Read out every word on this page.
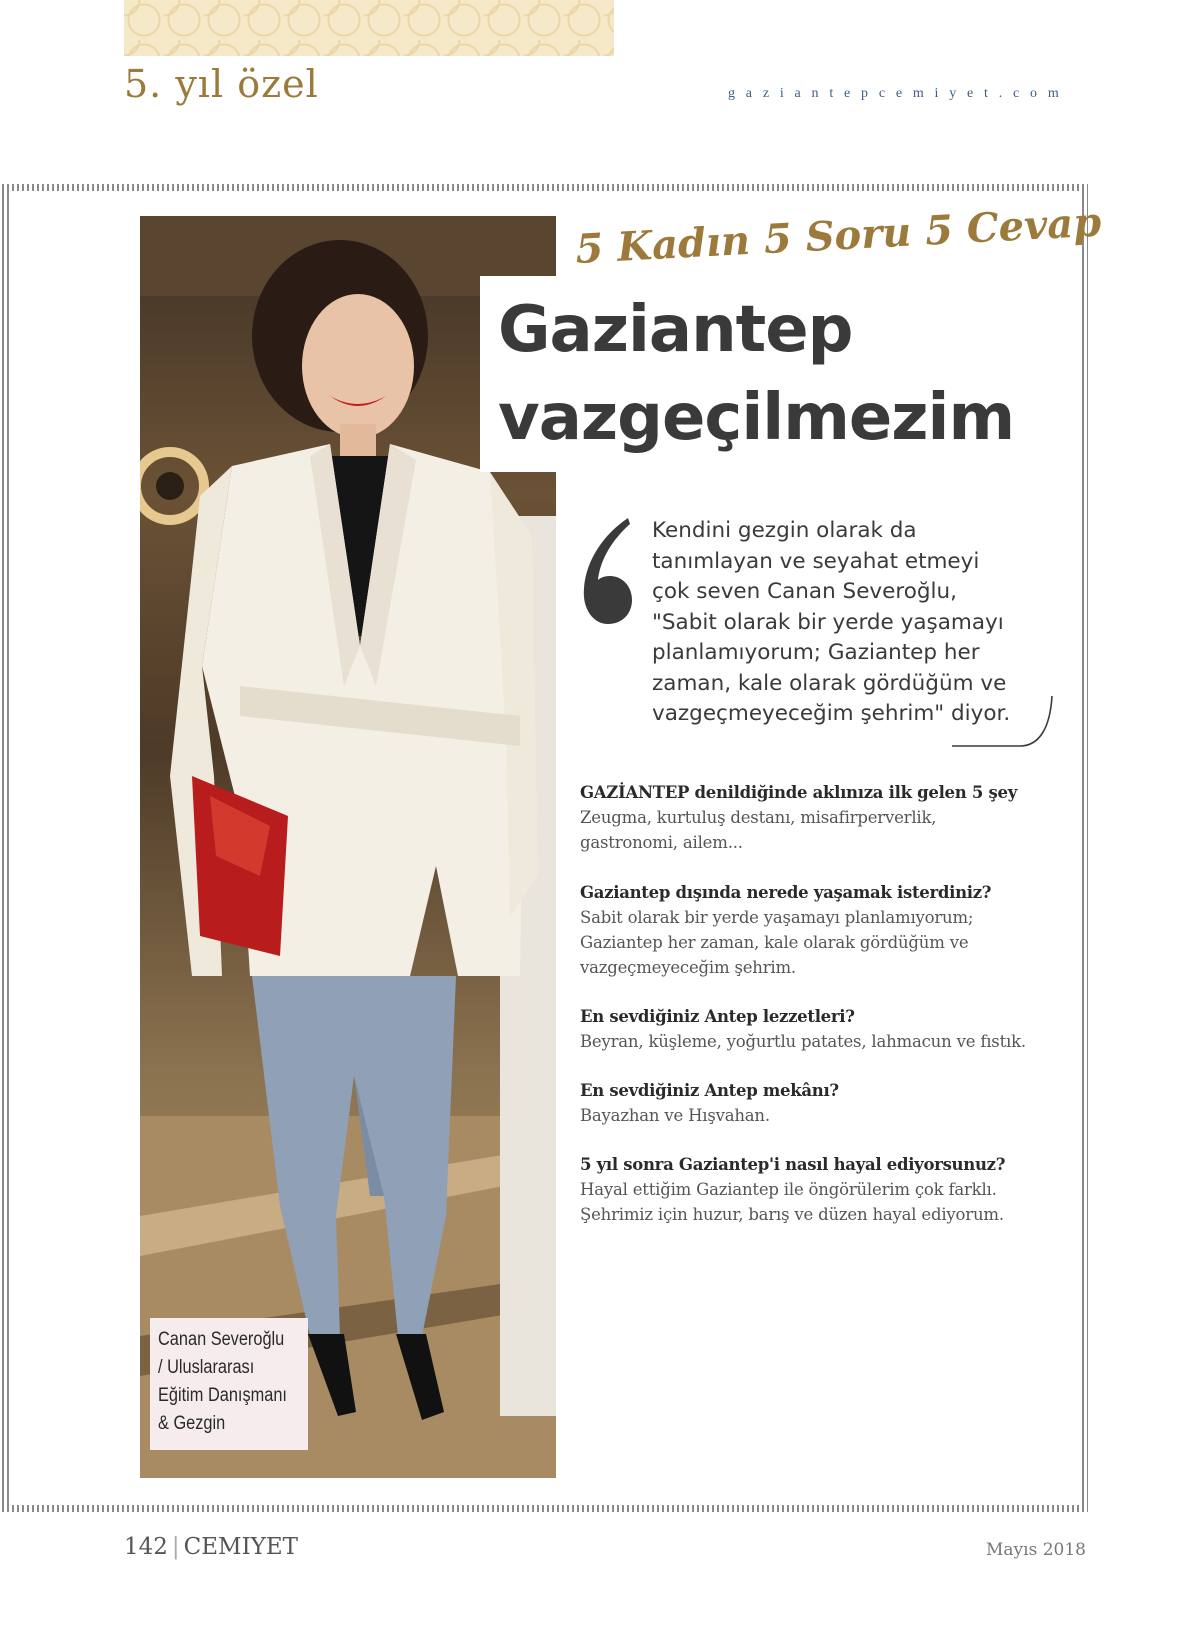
5. yıl özel	gaziantepcemiyet.com
Canan Severoğlu
/ Uluslararası
Eğitim Danışmanı
& Gezgin
Gaziantep
vazgeçilmezim
5 Kadın 5 Soru 5 Cevap
Kendini gezgin olarak da
tanımlayan ve seyahat etmeyi
çok seven Canan Severoğlu,
"Sabit olarak bir yerde yaşamayı
planlamıyorum; Gaziantep her
zaman, kale olarak gördüğüm ve
vazgeçmeyeceğim şehrim" diyor.
GAZİANTEP denildiğinde aklınıza ilk gelen 5 şey
Zeugma, kurtuluş destanı, misafirperverlik,
gastronomi, ailem...
Gaziantep dışında nerede yaşamak isterdiniz?
Sabit olarak bir yerde yaşamayı planlamıyorum;
Gaziantep her zaman, kale olarak gördüğüm ve
vazgeçmeyeceğim şehrim.
En sevdiğiniz Antep lezzetleri?
Beyran, küşleme, yoğurtlu patates, lahmacun ve fıstık.
En sevdiğiniz Antep mekânı?
Bayazhan ve Hışvahan.
5 yıl sonra Gaziantep'i nasıl hayal ediyorsunuz?
Hayal ettiğim Gaziantep ile öngörülerim çok farklı.
Şehrimiz için huzur, barış ve düzen hayal ediyorum.
142 | CEMIYET	Mayıs 2018
